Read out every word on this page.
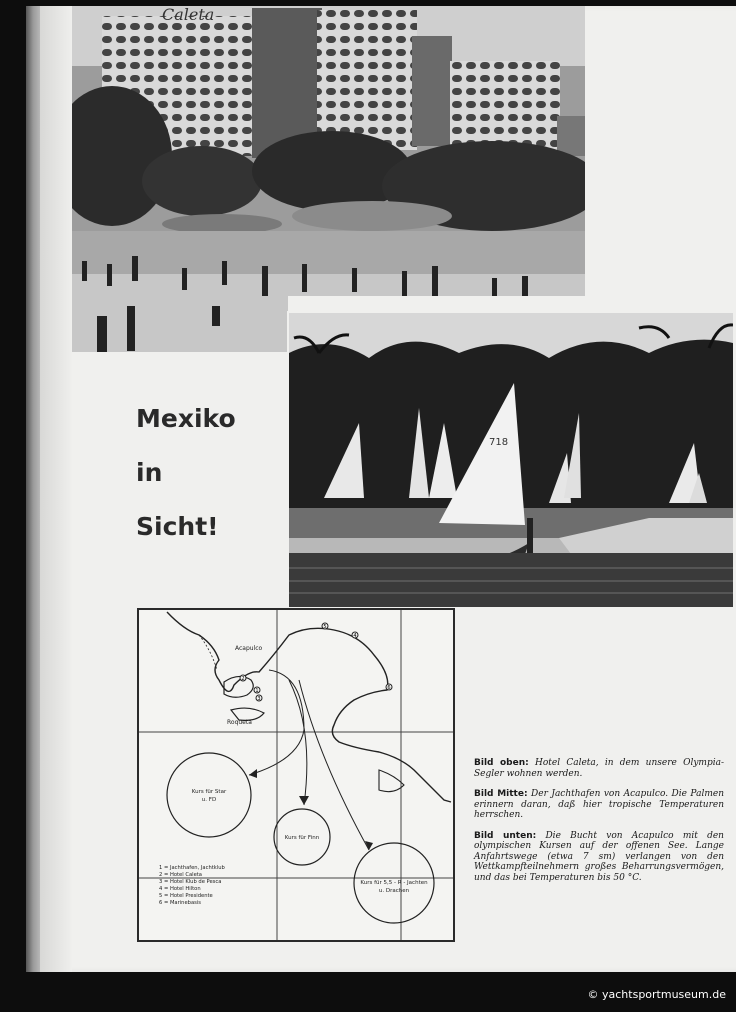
Caleta
718
Mexiko
in
Sicht!
5
4
6
2
1
3
Acapulco
Roqueta
Kurs für Star
u. FD
Kurs für Finn
Kurs für 5,5 - R - Jachten
u. Drachen
1 = Jachthafen, Jachtklub
2 = Hotel Caleta
3 = Hotel Klub de Pesca
4 = Hotel Hilton
5 = Hotel Presidente
6 = Marinebasis
Bild oben: Hotel Caleta, in dem unsere Olympia-Segler wohnen werden.
Bild Mitte: Der Jachthafen von Acapulco. Die Palmen erinnern daran, daß hier tropische Temperaturen herrschen.
Bild unten: Die Bucht von Acapulco mit den olympischen Kursen auf der offenen See. Lange Anfahrtswege (etwa 7 sm) verlangen von den Wettkampfteilnehmern großes Beharrungsvermögen, und das bei Temperaturen bis 50 °C.
© yachtsportmuseum.de
